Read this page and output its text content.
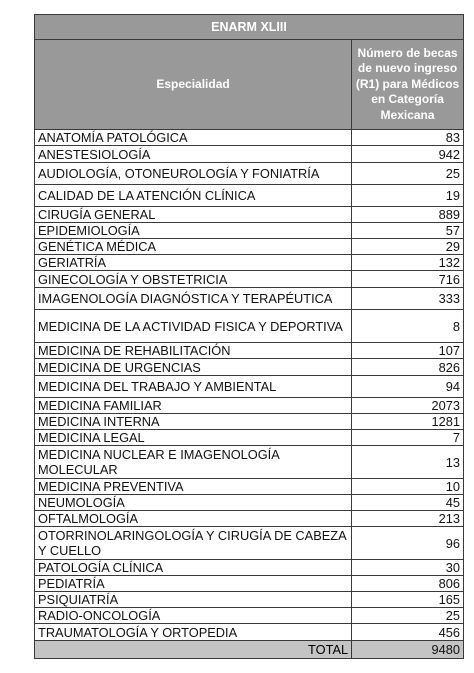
ENARM XLIII	
Especialidad	Número de becas de nuevo ingreso (R1) para Médicos en Categoría Mexicana
ANATOMÍA PATOLÓGICA	83
ANESTESIOLOGÍA	942
AUDIOLOGÍA, OTONEUROLOGÍA Y FONIATRÍA	25
CALIDAD DE LA ATENCIÓN CLÍNICA	19
CIRUGÍA GENERAL	889
EPIDEMIOLOGÍA	57
GENÉTICA MÉDICA	29
GERIATRÍA	132
GINECOLOGÍA Y OBSTETRICIA	716
IMAGENOLOGÍA DIAGNÓSTICA Y TERAPÉUTICA	333
MEDICINA DE LA ACTIVIDAD FISICA Y DEPORTIVA	8
MEDICINA DE REHABILITACIÓN	107
MEDICINA DE URGENCIAS	826
MEDICINA DEL TRABAJO Y AMBIENTAL	94
MEDICINA FAMILIAR	2073
MEDICINA INTERNA	1281
MEDICINA LEGAL	7
MEDICINA NUCLEAR E IMAGENOLOGÍA MOLECULAR	13
MEDICINA PREVENTIVA	10
NEUMOLOGÍA	45
OFTALMOLOGÍA	213
OTORRINOLARINGOLOGÍA Y CIRUGÍA DE CABEZA Y CUELLO	96
PATOLOGÍA CLÍNICA	30
PEDIATRÍA	806
PSIQUIATRÍA	165
RADIO-ONCOLOGÍA	25
TRAUMATOLOGÍA Y ORTOPEDIA	456
TOTAL	9480
